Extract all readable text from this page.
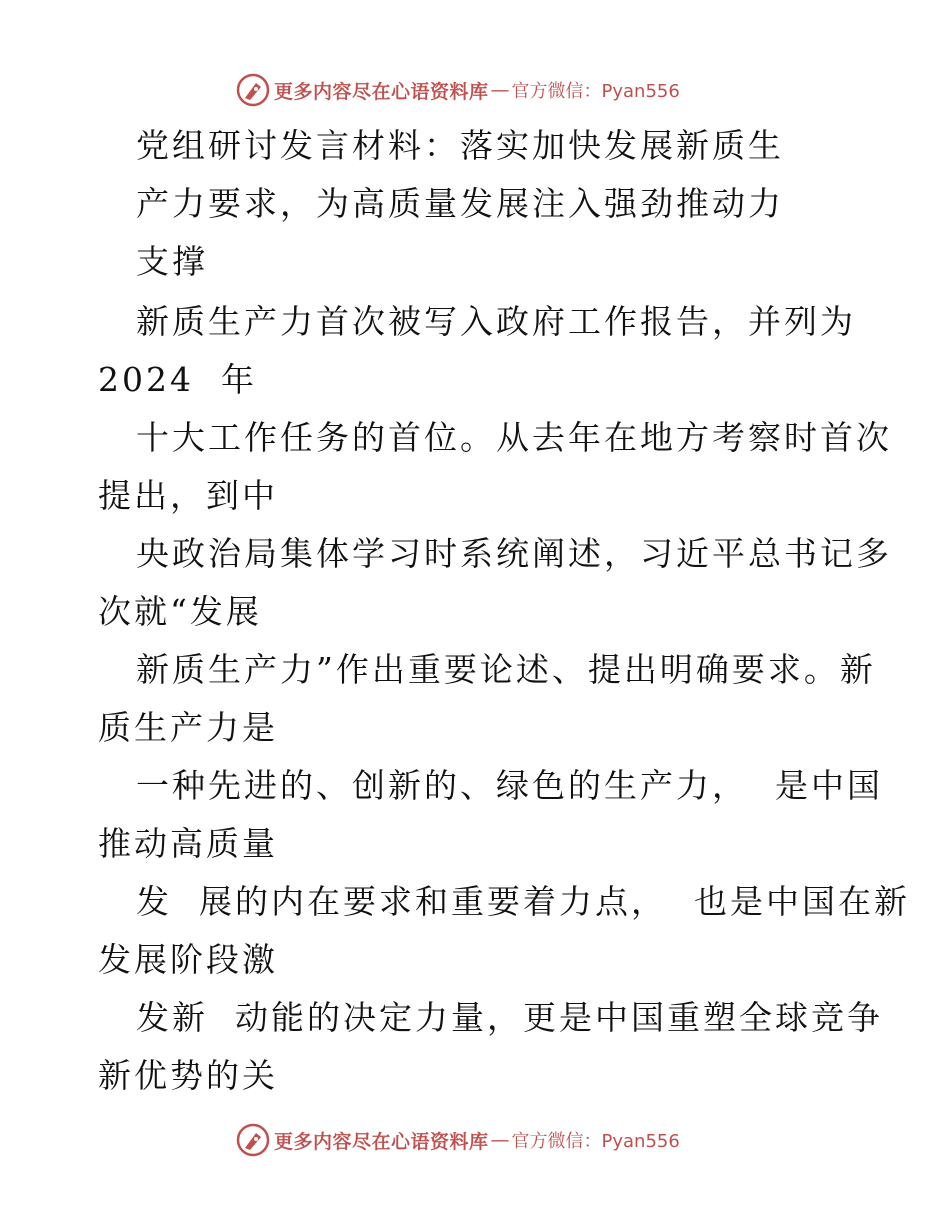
更多内容尽在心语资料库 — 官方微信：Pyan556
党组研讨发言材料：落实加快发展新质生
产力要求，为高质量发展注入强劲推动力
支撑
新质生产力首次被写入政府工作报告，并列为
2024  年
十大工作任务的首位。从去年在地方考察时首次
提出，到中
央政治局集体学习时系统阐述，习近平总书记多
次就“发展
新质生产力”作出重要论述、提出明确要求。新
质生产力是
一种先进的、创新的、绿色的生产力，  是中国
推动高质量
发  展的内在要求和重要着力点，  也是中国在新
发展阶段激
发新  动能的决定力量，更是中国重塑全球竞争
新优势的关
更多内容尽在心语资料库 — 官方微信：Pyan556
